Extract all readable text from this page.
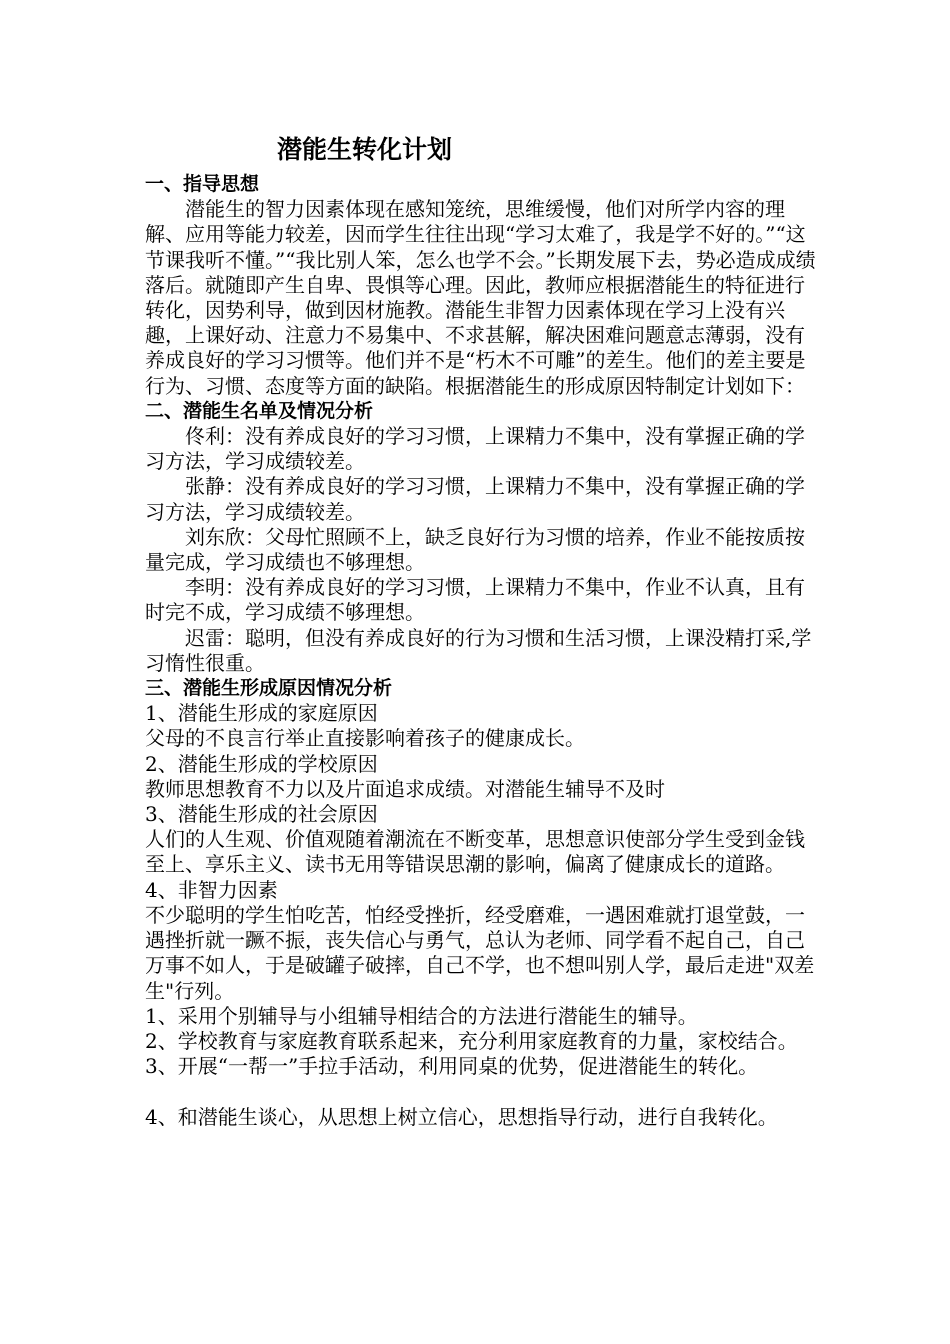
潜能生转化计划
一、指导思想

潜能生的智力因素体现在感知笼统，思维缓慢，他们对所学内容的理解、应用等能力较差，因而学生往往出现“学习太难了，我是学不好的。”“这节课我听不懂。”“我比别人笨，怎么也学不会。”长期发展下去，势必造成成绩落后。就随即产生自卑、畏惧等心理。因此，教师应根据潜能生的特征进行转化，因势利导，做到因材施教。潜能生非智力因素体现在学习上没有兴趣，上课好动、注意力不易集中、不求甚解，解决困难问题意志薄弱，没有养成良好的学习习惯等。他们并不是“朽木不可雕”的差生。他们的差主要是行为、习惯、态度等方面的缺陷。根据潜能生的形成原因特制定计划如下：

二、潜能生名单及情况分析

佟利：没有养成良好的学习习惯，上课精力不集中，没有掌握正确的学习方法，学习成绩较差。

张静：没有养成良好的学习习惯，上课精力不集中，没有掌握正确的学习方法，学习成绩较差。

刘东欣：父母忙照顾不上，缺乏良好行为习惯的培养，作业不能按质按量完成，学习成绩也不够理想。

李明：没有养成良好的学习习惯，上课精力不集中，作业不认真，且有时完不成，学习成绩不够理想。

迟雷：聪明，但没有养成良好的行为习惯和生活习惯，上课没精打采,学习惰性很重。

三、潜能生形成原因情况分析

1、潜能生形成的家庭原因

父母的不良言行举止直接影响着孩子的健康成长。

2、潜能生形成的学校原因

教师思想教育不力以及片面追求成绩。对潜能生辅导不及时

3、潜能生形成的社会原因

人们的人生观、价值观随着潮流在不断变革，思想意识使部分学生受到金钱至上、享乐主义、读书无用等错误思潮的影响，偏离了健康成长的道路。

4、非智力因素

不少聪明的学生怕吃苦，怕经受挫折，经受磨难，一遇困难就打退堂鼓，一遇挫折就一蹶不振，丧失信心与勇气，总认为老师、同学看不起自己，自己万事不如人，于是破罐子破摔，自己不学，也不想叫别人学，最后走进"双差生"行列。

1、采用个别辅导与小组辅导相结合的方法进行潜能生的辅导。

2、学校教育与家庭教育联系起来，充分利用家庭教育的力量，家校结合。

3、开展“一帮一”手拉手活动，利用同桌的优势，促进潜能生的转化。

4、和潜能生谈心，从思想上树立信心，思想指导行动，进行自我转化。
